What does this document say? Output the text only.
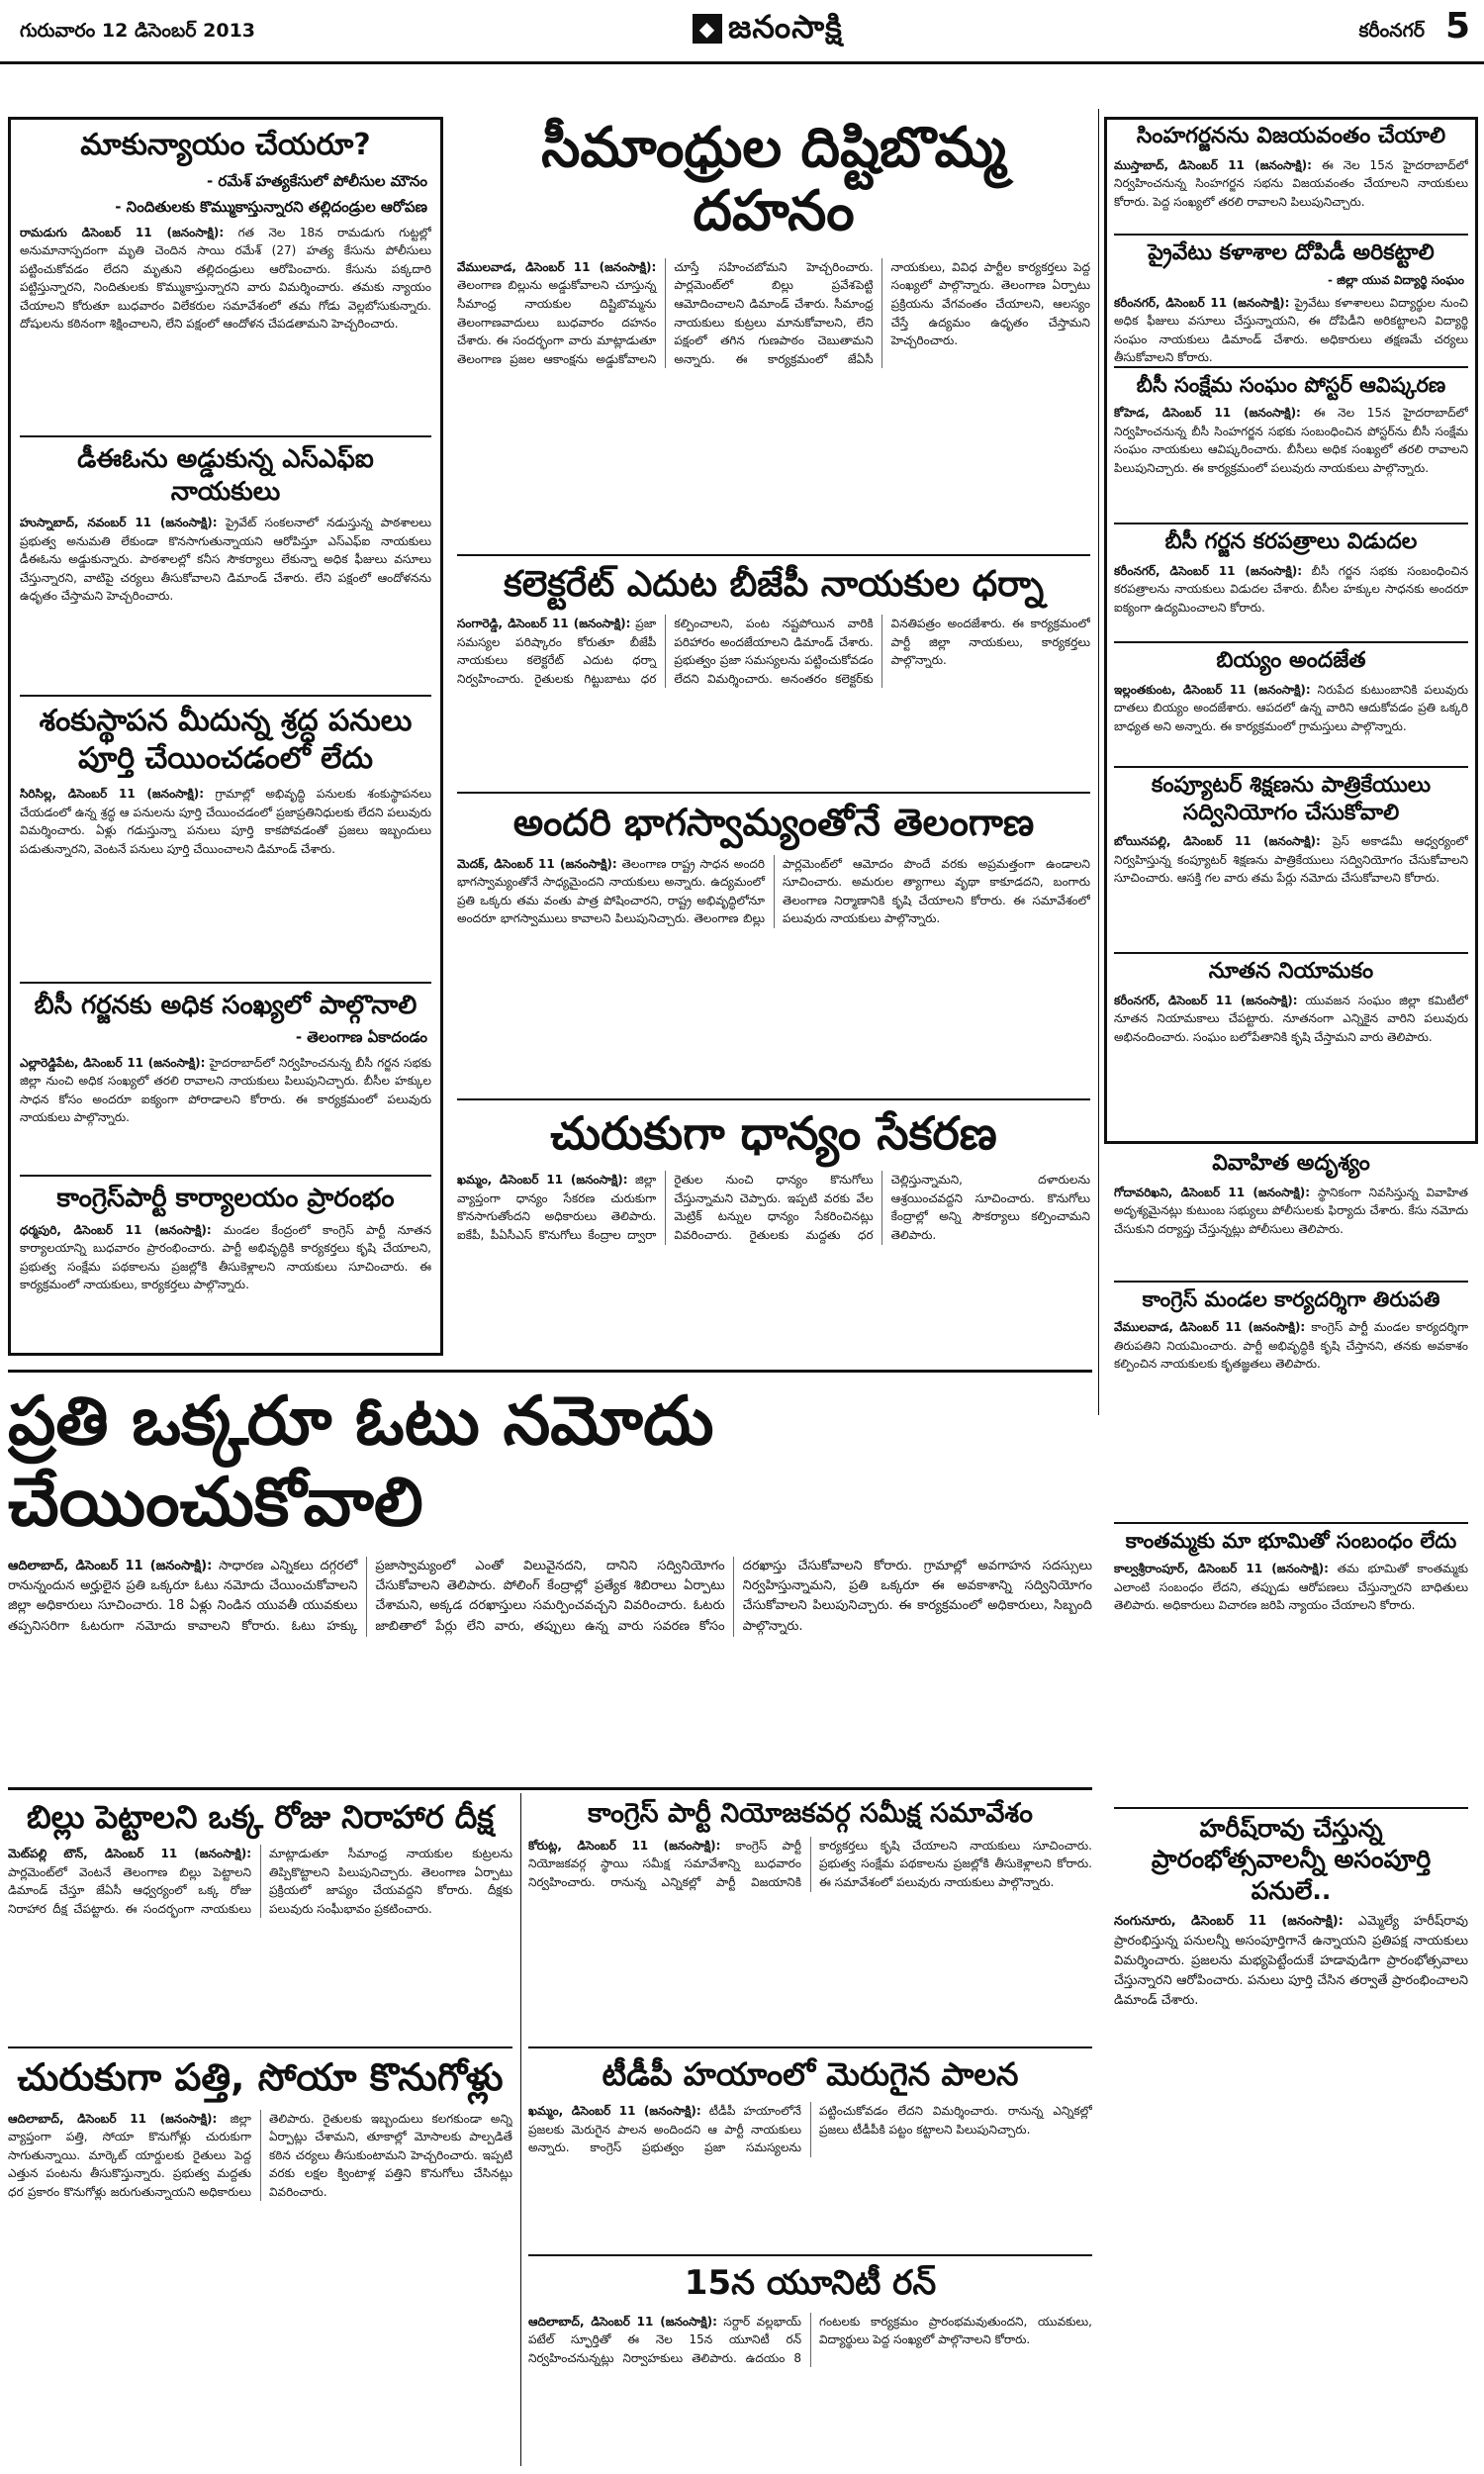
గురువారం 12 డిసెంబర్ 2013	◆ జనంసాక్షి	కరీంనగర్ 5
మాకున్యాయం చేయరూ?
- రమేశ్ హత్యకేసులో పోలీసుల మౌనం
- నిందితులకు కొమ్ముకాస్తున్నారని తల్లిదండ్రుల ఆరోపణ

రామడుగు డిసెంబర్ 11 (జనంసాక్షి): గత నెల 18న రామడుగు గుట్టల్లో అనుమానాస్పదంగా మృతి చెందిన సాయి రమేశ్ (27) హత్య కేసును పోలీసులు పట్టించుకోవడం లేదని మృతుని తల్లిదండ్రులు ఆరోపించారు. కేసును పక్కదారి పట్టిస్తున్నారని, నిందితులకు కొమ్ముకాస్తున్నారని వారు విమర్శించారు. తమకు న్యాయం చేయాలని కోరుతూ బుధవారం విలేకరుల సమావేశంలో తమ గోడు వెల్లబోసుకున్నారు. దోషులను కఠినంగా శిక్షించాలని, లేని పక్షంలో ఆందోళన చేపడతామని హెచ్చరించారు.

డీఈఓను అడ్డుకున్న ఎస్ఎఫ్ఐ నాయకులు

హుస్నాబాద్, నవంబర్ 11 (జనంసాక్షి): ప్రైవేట్ సంకలనాలో నడుస్తున్న పాఠశాలలు ప్రభుత్వ అనుమతి లేకుండా కొనసాగుతున్నాయని ఆరోపిస్తూ ఎస్ఎఫ్ఐ నాయకులు డీఈఓను అడ్డుకున్నారు. పాఠశాలల్లో కనీస సౌకర్యాలు లేకున్నా అధిక ఫీజులు వసూలు చేస్తున్నారని, వాటిపై చర్యలు తీసుకోవాలని డిమాండ్ చేశారు. లేని పక్షంలో ఆందోళనను ఉధృతం చేస్తామని హెచ్చరించారు.

శంకుస్థాపన మీదున్న శ్రద్ధ పనులు పూర్తి చేయించడంలో లేదు

సిరిసిల్ల, డిసెంబర్ 11 (జనంసాక్షి): గ్రామాల్లో అభివృద్ధి పనులకు శంకుస్థాపనలు చేయడంలో ఉన్న శ్రద్ధ ఆ పనులను పూర్తి చేయించడంలో ప్రజాప్రతినిధులకు లేదని పలువురు విమర్శించారు. ఏళ్లు గడుస్తున్నా పనులు పూర్తి కాకపోవడంతో ప్రజలు ఇబ్బందులు పడుతున్నారని, వెంటనే పనులు పూర్తి చేయించాలని డిమాండ్ చేశారు.

బీసీ గర్జనకు అధిక సంఖ్యలో పాల్గొనాలి
- తెలంగాణ ఏకాదండం

ఎల్లారెడ్డిపేట, డిసెంబర్ 11 (జనంసాక్షి): హైదరాబాద్‌లో నిర్వహించనున్న బీసీ గర్జన సభకు జిల్లా నుంచి అధిక సంఖ్యలో తరలి రావాలని నాయకులు పిలుపునిచ్చారు. బీసీల హక్కుల సాధన కోసం అందరూ ఐక్యంగా పోరాడాలని కోరారు. ఈ కార్యక్రమంలో పలువురు నాయకులు పాల్గొన్నారు.

కాంగ్రెస్‌పార్టీ కార్యాలయం ప్రారంభం

ధర్మపురి, డిసెంబర్ 11 (జనంసాక్షి): మండల కేంద్రంలో కాంగ్రెస్ పార్టీ నూతన కార్యాలయాన్ని బుధవారం ప్రారంభించారు. పార్టీ అభివృద్ధికి కార్యకర్తలు కృషి చేయాలని, ప్రభుత్వ సంక్షేమ పథకాలను ప్రజల్లోకి తీసుకెళ్లాలని నాయకులు సూచించారు. ఈ కార్యక్రమంలో నాయకులు, కార్యకర్తలు పాల్గొన్నారు.

సీమాంధ్రుల దిష్టిబొమ్మ దహనం

వేములవాడ, డిసెంబర్ 11 (జనంసాక్షి): తెలంగాణ బిల్లును అడ్డుకోవాలని చూస్తున్న సీమాంధ్ర నాయకుల దిష్టిబొమ్మను తెలంగాణవాదులు బుధవారం దహనం చేశారు. ఈ సందర్భంగా వారు మాట్లాడుతూ తెలంగాణ ప్రజల ఆకాంక్షను అడ్డుకోవాలని చూస్తే సహించబోమని హెచ్చరించారు. పార్లమెంట్‌లో బిల్లు ప్రవేశపెట్టి ఆమోదించాలని డిమాండ్ చేశారు. సీమాంధ్ర నాయకులు కుట్రలు మానుకోవాలని, లేని పక్షంలో తగిన గుణపాఠం చెబుతామని అన్నారు. ఈ కార్యక్రమంలో జేఏసీ నాయకులు, వివిధ పార్టీల కార్యకర్తలు పెద్ద సంఖ్యలో పాల్గొన్నారు. తెలంగాణ ఏర్పాటు ప్రక్రియను వేగవంతం చేయాలని, ఆలస్యం చేస్తే ఉద్యమం ఉధృతం చేస్తామని హెచ్చరించారు.

కలెక్టరేట్ ఎదుట బీజేపీ నాయకుల ధర్నా

సంగారెడ్డి, డిసెంబర్ 11 (జనంసాక్షి): ప్రజా సమస్యల పరిష్కారం కోరుతూ బీజేపీ నాయకులు కలెక్టరేట్ ఎదుట ధర్నా నిర్వహించారు. రైతులకు గిట్టుబాటు ధర కల్పించాలని, పంట నష్టపోయిన వారికి పరిహారం అందజేయాలని డిమాండ్ చేశారు. ప్రభుత్వం ప్రజా సమస్యలను పట్టించుకోవడం లేదని విమర్శించారు. అనంతరం కలెక్టర్‌కు వినతిపత్రం అందజేశారు. ఈ కార్యక్రమంలో పార్టీ జిల్లా నాయకులు, కార్యకర్తలు పాల్గొన్నారు.

అందరి భాగస్వామ్యంతోనే తెలంగాణ

మెదక్, డిసెంబర్ 11 (జనంసాక్షి): తెలంగాణ రాష్ట్ర సాధన అందరి భాగస్వామ్యంతోనే సాధ్యమైందని నాయకులు అన్నారు. ఉద్యమంలో ప్రతి ఒక్కరు తమ వంతు పాత్ర పోషించారని, రాష్ట్ర అభివృద్ధిలోనూ అందరూ భాగస్వాములు కావాలని పిలుపునిచ్చారు. తెలంగాణ బిల్లు పార్లమెంట్‌లో ఆమోదం పొందే వరకు అప్రమత్తంగా ఉండాలని సూచించారు. అమరుల త్యాగాలు వృథా కాకూడదని, బంగారు తెలంగాణ నిర్మాణానికి కృషి చేయాలని కోరారు. ఈ సమావేశంలో పలువురు నాయకులు పాల్గొన్నారు.

చురుకుగా ధాన్యం సేకరణ

ఖమ్మం, డిసెంబర్ 11 (జనంసాక్షి): జిల్లా వ్యాప్తంగా ధాన్యం సేకరణ చురుకుగా కొనసాగుతోందని అధికారులు తెలిపారు. ఐకేపీ, పీఏసీఎస్ కొనుగోలు కేంద్రాల ద్వారా రైతుల నుంచి ధాన్యం కొనుగోలు చేస్తున్నామని చెప్పారు. ఇప్పటి వరకు వేల మెట్రిక్ టన్నుల ధాన్యం సేకరించినట్లు వివరించారు. రైతులకు మద్దతు ధర చెల్లిస్తున్నామని, దళారులను ఆశ్రయించవద్దని సూచించారు. కొనుగోలు కేంద్రాల్లో అన్ని సౌకర్యాలు కల్పించామని తెలిపారు.

సింహగర్జనను విజయవంతం చేయాలి

ముస్తాబాద్, డిసెంబర్ 11 (జనంసాక్షి): ఈ నెల 15న హైదరాబాద్‌లో నిర్వహించనున్న సింహగర్జన సభను విజయవంతం చేయాలని నాయకులు కోరారు. పెద్ద సంఖ్యలో తరలి రావాలని పిలుపునిచ్చారు.

ప్రైవేటు కళాశాల దోపిడీ అరికట్టాలి
- జిల్లా యువ విద్యార్థి సంఘం

కరీంనగర్, డిసెంబర్ 11 (జనంసాక్షి): ప్రైవేటు కళాశాలలు విద్యార్థుల నుంచి అధిక ఫీజులు వసూలు చేస్తున్నాయని, ఈ దోపిడీని అరికట్టాలని విద్యార్థి సంఘం నాయకులు డిమాండ్ చేశారు. అధికారులు తక్షణమే చర్యలు తీసుకోవాలని కోరారు.

బీసీ సంక్షేమ సంఘం పోస్టర్ ఆవిష్కరణ

కోహెడ, డిసెంబర్ 11 (జనంసాక్షి): ఈ నెల 15న హైదరాబాద్‌లో నిర్వహించనున్న బీసీ సింహగర్జన సభకు సంబంధించిన పోస్టర్‌ను బీసీ సంక్షేమ సంఘం నాయకులు ఆవిష్కరించారు. బీసీలు అధిక సంఖ్యలో తరలి రావాలని పిలుపునిచ్చారు. ఈ కార్యక్రమంలో పలువురు నాయకులు పాల్గొన్నారు.

బీసీ గర్జన కరపత్రాలు విడుదల

కరీంనగర్, డిసెంబర్ 11 (జనంసాక్షి): బీసీ గర్జన సభకు సంబంధించిన కరపత్రాలను నాయకులు విడుదల చేశారు. బీసీల హక్కుల సాధనకు అందరూ ఐక్యంగా ఉద్యమించాలని కోరారు.

బియ్యం అందజేత

ఇల్లంతకుంట, డిసెంబర్ 11 (జనంసాక్షి): నిరుపేద కుటుంబానికి పలువురు దాతలు బియ్యం అందజేశారు. ఆపదలో ఉన్న వారిని ఆదుకోవడం ప్రతి ఒక్కరి బాధ్యత అని అన్నారు. ఈ కార్యక్రమంలో గ్రామస్తులు పాల్గొన్నారు.

కంప్యూటర్ శిక్షణను పాత్రికేయులు సద్వినియోగం చేసుకోవాలి

బోయినపల్లి, డిసెంబర్ 11 (జనంసాక్షి): ప్రెస్ అకాడమీ ఆధ్వర్యంలో నిర్వహిస్తున్న కంప్యూటర్ శిక్షణను పాత్రికేయులు సద్వినియోగం చేసుకోవాలని సూచించారు. ఆసక్తి గల వారు తమ పేర్లు నమోదు చేసుకోవాలని కోరారు.

నూతన నియామకం

కరీంనగర్, డిసెంబర్ 11 (జనంసాక్షి): యువజన సంఘం జిల్లా కమిటీలో నూతన నియామకాలు చేపట్టారు. నూతనంగా ఎన్నికైన వారిని పలువురు అభినందించారు. సంఘం బలోపేతానికి కృషి చేస్తామని వారు తెలిపారు.

వివాహిత అదృశ్యం

గోదావరిఖని, డిసెంబర్ 11 (జనంసాక్షి): స్థానికంగా నివసిస్తున్న వివాహిత అదృశ్యమైనట్లు కుటుంబ సభ్యులు పోలీసులకు ఫిర్యాదు చేశారు. కేసు నమోదు చేసుకుని దర్యాప్తు చేస్తున్నట్లు పోలీసులు తెలిపారు.

కాంగ్రెస్ మండల కార్యదర్శిగా తిరుపతి

వేములవాడ, డిసెంబర్ 11 (జనంసాక్షి): కాంగ్రెస్ పార్టీ మండల కార్యదర్శిగా తిరుపతిని నియమించారు. పార్టీ అభివృద్ధికి కృషి చేస్తానని, తనకు అవకాశం కల్పించిన నాయకులకు కృతజ్ఞతలు తెలిపారు.

కాంతమ్మకు మా భూమితో సంబంధం లేదు

కాల్వశ్రీరాంపూర్, డిసెంబర్ 11 (జనంసాక్షి): తమ భూమితో కాంతమ్మకు ఎలాంటి సంబంధం లేదని, తప్పుడు ఆరోపణలు చేస్తున్నారని బాధితులు తెలిపారు. అధికారులు విచారణ జరిపి న్యాయం చేయాలని కోరారు.

హరీష్‌రావు చేస్తున్న ప్రారంభోత్సవాలన్నీ అసంపూర్తి పనులే..

నంగునూరు, డిసెంబర్ 11 (జనంసాక్షి): ఎమ్మెల్యే హరీష్‌రావు ప్రారంభిస్తున్న పనులన్నీ అసంపూర్తిగానే ఉన్నాయని ప్రతిపక్ష నాయకులు విమర్శించారు. ప్రజలను మభ్యపెట్టేందుకే హడావుడిగా ప్రారంభోత్సవాలు చేస్తున్నారని ఆరోపించారు. పనులు పూర్తి చేసిన తర్వాతే ప్రారంభించాలని డిమాండ్ చేశారు.

ప్రతి ఒక్కరూ ఓటు నమోదు చేయించుకోవాలి

ఆదిలాబాద్, డిసెంబర్ 11 (జనంసాక్షి): సాధారణ ఎన్నికలు దగ్గరలో రానున్నందున అర్హులైన ప్రతి ఒక్కరూ ఓటు నమోదు చేయించుకోవాలని జిల్లా అధికారులు సూచించారు. 18 ఏళ్లు నిండిన యువతీ యువకులు తప్పనిసరిగా ఓటరుగా నమోదు కావాలని కోరారు. ఓటు హక్కు ప్రజాస్వామ్యంలో ఎంతో విలువైనదని, దానిని సద్వినియోగం చేసుకోవాలని తెలిపారు. పోలింగ్ కేంద్రాల్లో ప్రత్యేక శిబిరాలు ఏర్పాటు చేశామని, అక్కడ దరఖాస్తులు సమర్పించవచ్చని వివరించారు. ఓటరు జాబితాలో పేర్లు లేని వారు, తప్పులు ఉన్న వారు సవరణ కోసం దరఖాస్తు చేసుకోవాలని కోరారు. గ్రామాల్లో అవగాహన సదస్సులు నిర్వహిస్తున్నామని, ప్రతి ఒక్కరూ ఈ అవకాశాన్ని సద్వినియోగం చేసుకోవాలని పిలుపునిచ్చారు. ఈ కార్యక్రమంలో అధికారులు, సిబ్బంది పాల్గొన్నారు.

బిల్లు పెట్టాలని ఒక్క రోజు నిరాహార దీక్ష

మెట్‌పల్లి టౌన్, డిసెంబర్ 11 (జనంసాక్షి): పార్లమెంట్‌లో వెంటనే తెలంగాణ బిల్లు పెట్టాలని డిమాండ్ చేస్తూ జేఏసీ ఆధ్వర్యంలో ఒక్క రోజు నిరాహార దీక్ష చేపట్టారు. ఈ సందర్భంగా నాయకులు మాట్లాడుతూ సీమాంధ్ర నాయకుల కుట్రలను తిప్పికొట్టాలని పిలుపునిచ్చారు. తెలంగాణ ఏర్పాటు ప్రక్రియలో జాప్యం చేయవద్దని కోరారు. దీక్షకు పలువురు సంఘీభావం ప్రకటించారు.

చురుకుగా పత్తి, సోయా కొనుగోళ్లు

ఆదిలాబాద్, డిసెంబర్ 11 (జనంసాక్షి): జిల్లా వ్యాప్తంగా పత్తి, సోయా కొనుగోళ్లు చురుకుగా సాగుతున్నాయి. మార్కెట్ యార్డులకు రైతులు పెద్ద ఎత్తున పంటను తీసుకొస్తున్నారు. ప్రభుత్వ మద్దతు ధర ప్రకారం కొనుగోళ్లు జరుగుతున్నాయని అధికారులు తెలిపారు. రైతులకు ఇబ్బందులు కలగకుండా అన్ని ఏర్పాట్లు చేశామని, తూకాల్లో మోసాలకు పాల్పడితే కఠిన చర్యలు తీసుకుంటామని హెచ్చరించారు. ఇప్పటి వరకు లక్షల క్వింటాళ్ల పత్తిని కొనుగోలు చేసినట్లు వివరించారు.

కాంగ్రెస్ పార్టీ నియోజకవర్గ సమీక్ష సమావేశం

కోరుట్ల, డిసెంబర్ 11 (జనంసాక్షి): కాంగ్రెస్ పార్టీ నియోజకవర్గ స్థాయి సమీక్ష సమావేశాన్ని బుధవారం నిర్వహించారు. రానున్న ఎన్నికల్లో పార్టీ విజయానికి కార్యకర్తలు కృషి చేయాలని నాయకులు సూచించారు. ప్రభుత్వ సంక్షేమ పథకాలను ప్రజల్లోకి తీసుకెళ్లాలని కోరారు. ఈ సమావేశంలో పలువురు నాయకులు పాల్గొన్నారు.

టీడీపీ హయాంలో మెరుగైన పాలన

ఖమ్మం, డిసెంబర్ 11 (జనంసాక్షి): టీడీపీ హయాంలోనే ప్రజలకు మెరుగైన పాలన అందిందని ఆ పార్టీ నాయకులు అన్నారు. కాంగ్రెస్ ప్రభుత్వం ప్రజా సమస్యలను పట్టించుకోవడం లేదని విమర్శించారు. రానున్న ఎన్నికల్లో ప్రజలు టీడీపీకి పట్టం కట్టాలని పిలుపునిచ్చారు.

15న యూనిటీ రన్

ఆదిలాబాద్, డిసెంబర్ 11 (జనంసాక్షి): సర్దార్ వల్లభాయ్ పటేల్ స్ఫూర్తితో ఈ నెల 15న యూనిటీ రన్ నిర్వహించనున్నట్లు నిర్వాహకులు తెలిపారు. ఉదయం 8 గంటలకు కార్యక్రమం ప్రారంభమవుతుందని, యువకులు, విద్యార్థులు పెద్ద సంఖ్యలో పాల్గొనాలని కోరారు.
